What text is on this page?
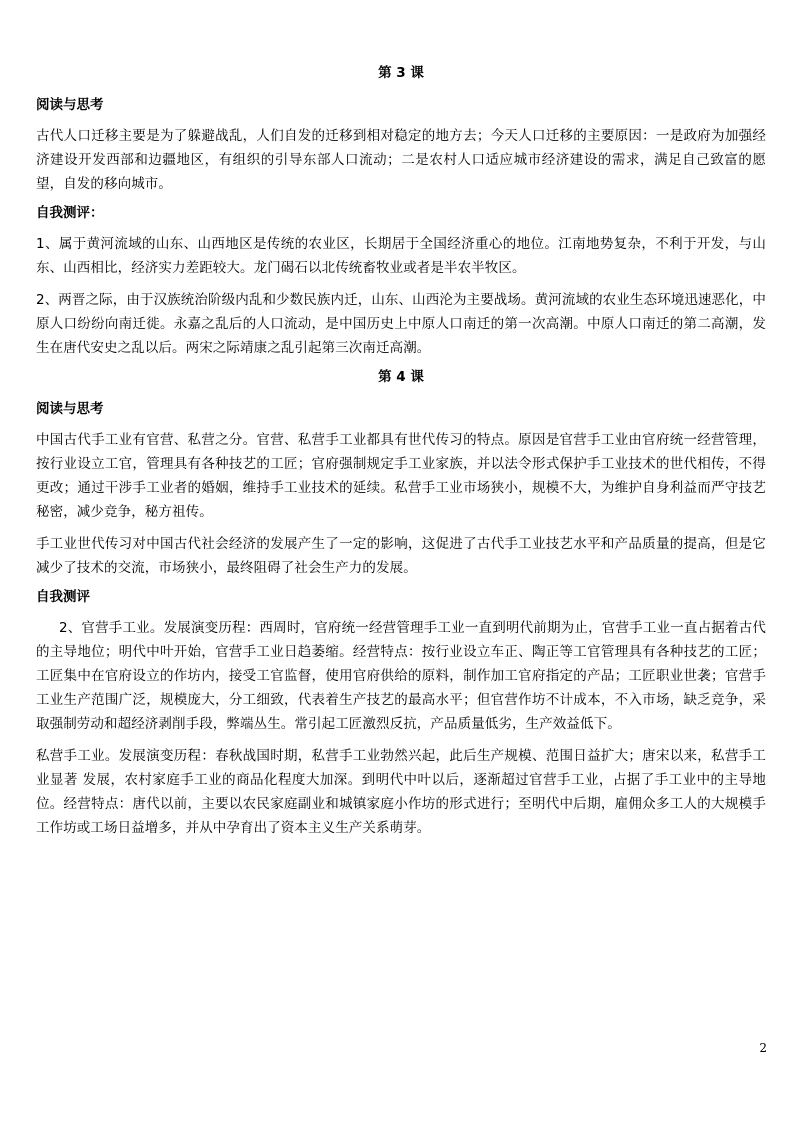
第 3 课
阅读与思考

古代人口迁移主要是为了躲避战乱，人们自发的迁移到相对稳定的地方去；今天人口迁移的主要原因：一是政府为加强经济建设开发西部和边疆地区，有组织的引导东部人口流动；二是农村人口适应城市经济建设的需求，满足自己致富的愿望，自发的移向城市。

自我测评：

1、属于黄河流域的山东、山西地区是传统的农业区，长期居于全国经济重心的地位。江南地势复杂，不利于开发，与山东、山西相比，经济实力差距较大。龙门碣石以北传统畜牧业或者是半农半牧区。

2、两晋之际，由于汉族统治阶级内乱和少数民族内迁，山东、山西沦为主要战场。黄河流域的农业生态环境迅速恶化，中原人口纷纷向南迁徙。永嘉之乱后的人口流动，是中国历史上中原人口南迁的第一次高潮。中原人口南迁的第二高潮，发生在唐代安史之乱以后。两宋之际靖康之乱引起第三次南迁高潮。

第 4 课
阅读与思考

中国古代手工业有官营、私营之分。官营、私营手工业都具有世代传习的特点。原因是官营手工业由官府统一经营管理，按行业设立工官，管理具有各种技艺的工匠；官府强制规定手工业家族，并以法令形式保护手工业技术的世代相传，不得更改；通过干涉手工业者的婚姻，维持手工业技术的延续。私营手工业市场狭小，规模不大，为维护自身利益而严守技艺秘密，减少竞争，秘方祖传。

手工业世代传习对中国古代社会经济的发展产生了一定的影响，这促进了古代手工业技艺水平和产品质量的提高，但是它减少了技术的交流，市场狭小，最终阻碍了社会生产力的发展。

自我测评

2、官营手工业。发展演变历程：西周时，官府统一经营管理手工业一直到明代前期为止，官营手工业一直占据着古代的主导地位；明代中叶开始，官营手工业日趋萎缩。经营特点：按行业设立车正、陶正等工官管理具有各种技艺的工匠；工匠集中在官府设立的作坊内，接受工官监督，使用官府供给的原料，制作加工官府指定的产品；工匠职业世袭；官营手工业生产范围广泛，规模庞大，分工细致，代表着生产技艺的最高水平；但官营作坊不计成本，不入市场，缺乏竞争，采取强制劳动和超经济剥削手段，弊端丛生。常引起工匠激烈反抗，产品质量低劣，生产效益低下。

私营手工业。发展演变历程：春秋战国时期，私营手工业勃然兴起，此后生产规模、范围日益扩大；唐宋以来，私营手工业显著 发展，农村家庭手工业的商品化程度大加深。到明代中叶以后，逐渐超过官营手工业，占据了手工业中的主导地位。经营特点：唐代以前，主要以农民家庭副业和城镇家庭小作坊的形式进行；至明代中后期，雇佣众多工人的大规模手工作坊或工场日益增多，并从中孕育出了资本主义生产关系萌芽。

2
